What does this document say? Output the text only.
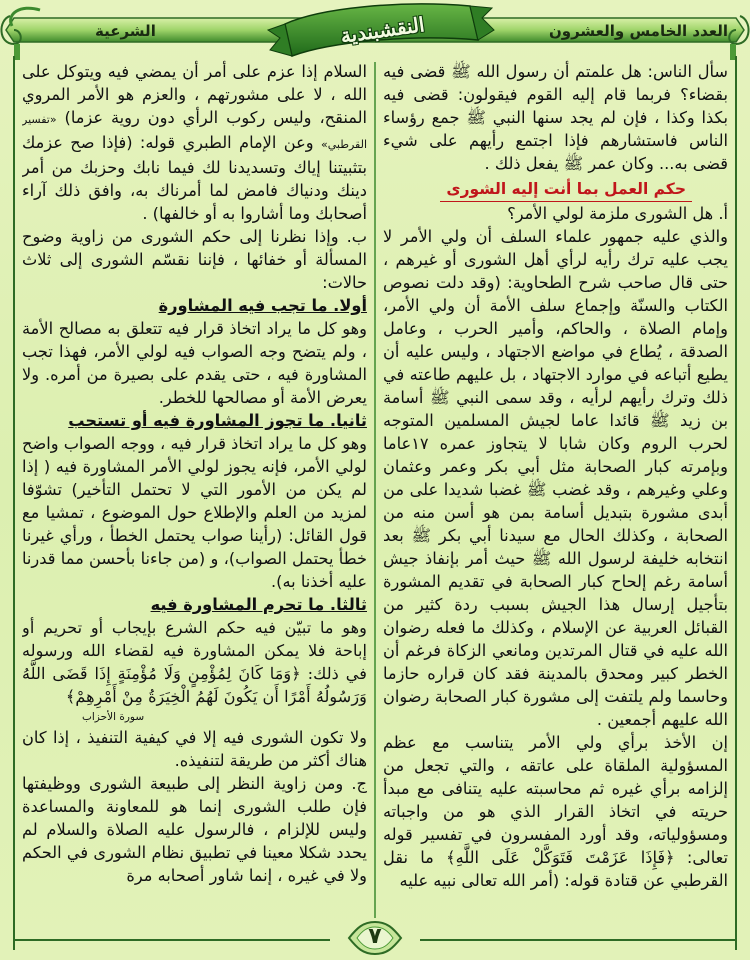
العدد الخامس والعشرون
الشرعية	النقشبندية

سأل الناس: هل علمتم أن رسول الله ﷺ قضى فيه بقضاء؟ فربما قام إليه القوم فيقولون: قضى فيه بكذا وكذا ، فإن لم يجد سنها النبي ﷺ جمع رؤساء الناس فاستشارهم فإذا اجتمع رأيهم على شيء قضى به... وكان عمر ﷺ يفعل ذلك .

حكم العمل بما أنت إليه الشورى

أ. هل الشورى ملزمة لولي الأمر؟

والذي عليه جمهور علماء السلف أن ولي الأمر لا يجب عليه ترك رأيه لرأي أهل الشورى أو غيرهم ، حتى قال صاحب شرح الطحاوية: (وقد دلت نصوص الكتاب والسنّة وإجماع سلف الأمة أن ولي الأمر، وإمام الصلاة ، والحاكم، وأمير الحرب ، وعامل الصدقة ، يُطاع في مواضع الاجتهاد ، وليس عليه أن يطيع أتباعه في موارد الاجتهاد ، بل عليهم طاعته في ذلك وترك رأيهم لرأيه ، وقد سمى النبي ﷺ أسامة بن زيد ﷺ قائدا عاما لجيش المسلمين المتوجه لحرب الروم وكان شابا لا يتجاوز عمره ١٧عاما وبإمرته كبار الصحابة مثل أبي بكر وعمر وعثمان وعلي وغيرهم ، وقد غضب ﷺ غضبا شديدا على من أبدى مشورة بتبديل أسامة بمن هو أسن منه من الصحابة ، وكذلك الحال مع سيدنا أبي بكر ﷺ بعد انتخابه خليفة لرسول الله ﷺ حيث أمر بإنفاذ جيش أسامة رغم إلحاح كبار الصحابة في تقديم المشورة بتأجيل إرسال هذا الجيش بسبب ردة كثير من القبائل العربية عن الإسلام ، وكذلك ما فعله رضوان الله عليه في قتال المرتدين ومانعي الزكاة فرغم أن الخطر كبير ومحدق بالمدينة فقد كان قراره حازما وحاسما ولم يلتفت إلى مشورة كبار الصحابة رضوان الله عليهم أجمعين .

إن الأخذ برأي ولي الأمر يتناسب مع عظم المسؤولية الملقاة على عاتقه ، والتي تجعل من إلزامه برأي غيره ثم محاسبته عليه يتنافى مع مبدأ حريته في اتخاذ القرار الذي هو من واجباته ومسؤولياته، وقد أورد المفسرون في تفسير قوله تعالى: ﴿فَإِذَا عَزَمْتَ فَتَوَكَّلْ عَلَى اللَّهِ﴾ ما نقل القرطبي عن قتادة قوله: (أمر الله تعالى نبيه عليه

السلام إذا عزم على أمر أن يمضي فيه ويتوكل على الله ، لا على مشورتهم ، والعزم هو الأمر المروي المنقح، وليس ركوب الرأي دون روية عزما) «تفسير القرطبي» وعن الإمام الطبري قوله: (فإذا صح عزمك بتثبيتنا إياك وتسديدنا لك فيما نابك وحزبك من أمر دينك ودنياك فامض لما أمرناك به، وافق ذلك آراء أصحابك وما أشاروا به أو خالفها) .

ب. وإذا نظرنا إلى حكم الشورى من زاوية وضوح المسألة أو خفائها ، فإننا نقسّم الشورى إلى ثلاث حالات:

أولا. ما تجب فيه المشاورة

وهو كل ما يراد اتخاذ قرار فيه تتعلق به مصالح الأمة ، ولم يتضح وجه الصواب فيه لولي الأمر، فهذا تجب المشاورة فيه ، حتى يقدم على بصيرة من أمره. ولا يعرض الأمة أو مصالحها للخطر.

ثانيا. ما تجوز المشاورة فيه أو تستحب

وهو كل ما يراد اتخاذ قرار فيه ، ووجه الصواب واضح لولي الأمر، فإنه يجوز لولي الأمر المشاورة فيه ( إذا لم يكن من الأمور التي لا تحتمل التأخير) تشوّفا لمزيد من العلم والإطلاع حول الموضوع ، تمشيا مع قول القائل: (رأينا صواب يحتمل الخطأ ، ورأي غيرنا خطأ يحتمل الصواب)، و (من جاءنا بأحسن مما قدرنا عليه أخذنا به).

ثالثا. ما تحرم المشاورة فيه

وهو ما تبيّن فيه حكم الشرع بإيجاب أو تحريم أو إباحة فلا يمكن المشاورة فيه لقضاء الله ورسوله في ذلك: ﴿وَمَا كَانَ لِمُؤْمِنٍ وَلَا مُؤْمِنَةٍ إِذَا قَضَى اللَّهُ وَرَسُولُهُ أَمْرًا أَن يَكُونَ لَهُمُ الْخِيَرَةُ مِنْ أَمْرِهِمْ﴾

سورة الأحزاب

ولا تكون الشورى فيه إلا في كيفية التنفيذ ، إذا كان هناك أكثر من طريقة لتنفيذه.

ج. ومن زاوية النظر إلى طبيعة الشورى ووظيفتها فإن طلب الشورى إنما هو للمعاونة والمساعدة وليس للإلزام ، فالرسول عليه الصلاة والسلام لم يحدد شكلا معينا في تطبيق نظام الشورى في الحكم ولا في غيره ، إنما شاور أصحابه مرة

٧
